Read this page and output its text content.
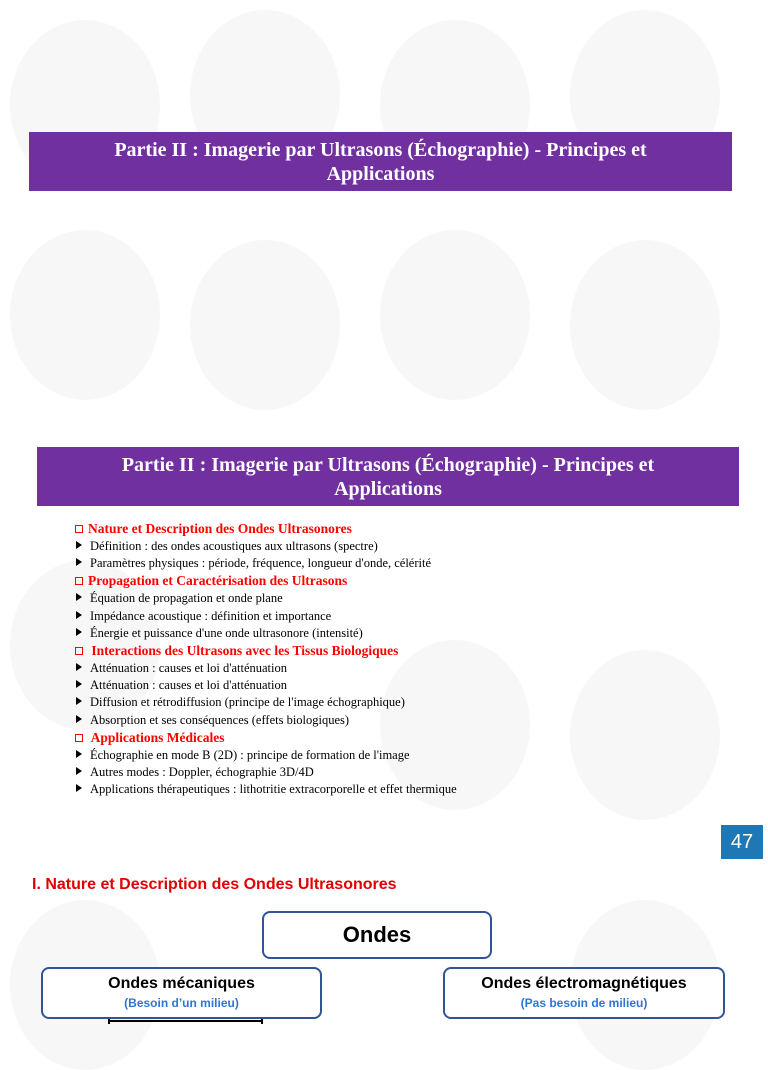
Partie II : Imagerie par Ultrasons (Échographie) - Principes et
Applications
Partie II : Imagerie par Ultrasons (Échographie) - Principes et
Applications
Nature et Description des Ondes Ultrasonores
Définition : des ondes acoustiques aux ultrasons (spectre)
Paramètres physiques : période, fréquence, longueur d'onde, célérité
Propagation et Caractérisation des Ultrasons
Équation de propagation et onde plane
Impédance acoustique : définition et importance
Énergie et puissance d'une onde ultrasonore (intensité)
Interactions des Ultrasons avec les Tissus Biologiques
Atténuation : causes et loi d'atténuation
Atténuation : causes et loi d'atténuation
Diffusion et rétrodiffusion (principe de l'image échographique)
Absorption et ses conséquences (effets biologiques)
Applications Médicales
Échographie en mode B (2D) : principe de formation de l'image
Autres modes : Doppler, échographie 3D/4D
Applications thérapeutiques : lithotritie extracorporelle et effet thermique
47
I. Nature et Description des Ondes Ultrasonores
Ondes
Ondes mécaniques
(Besoin d’un milieu)
Ondes électromagnétiques
(Pas besoin de milieu)
